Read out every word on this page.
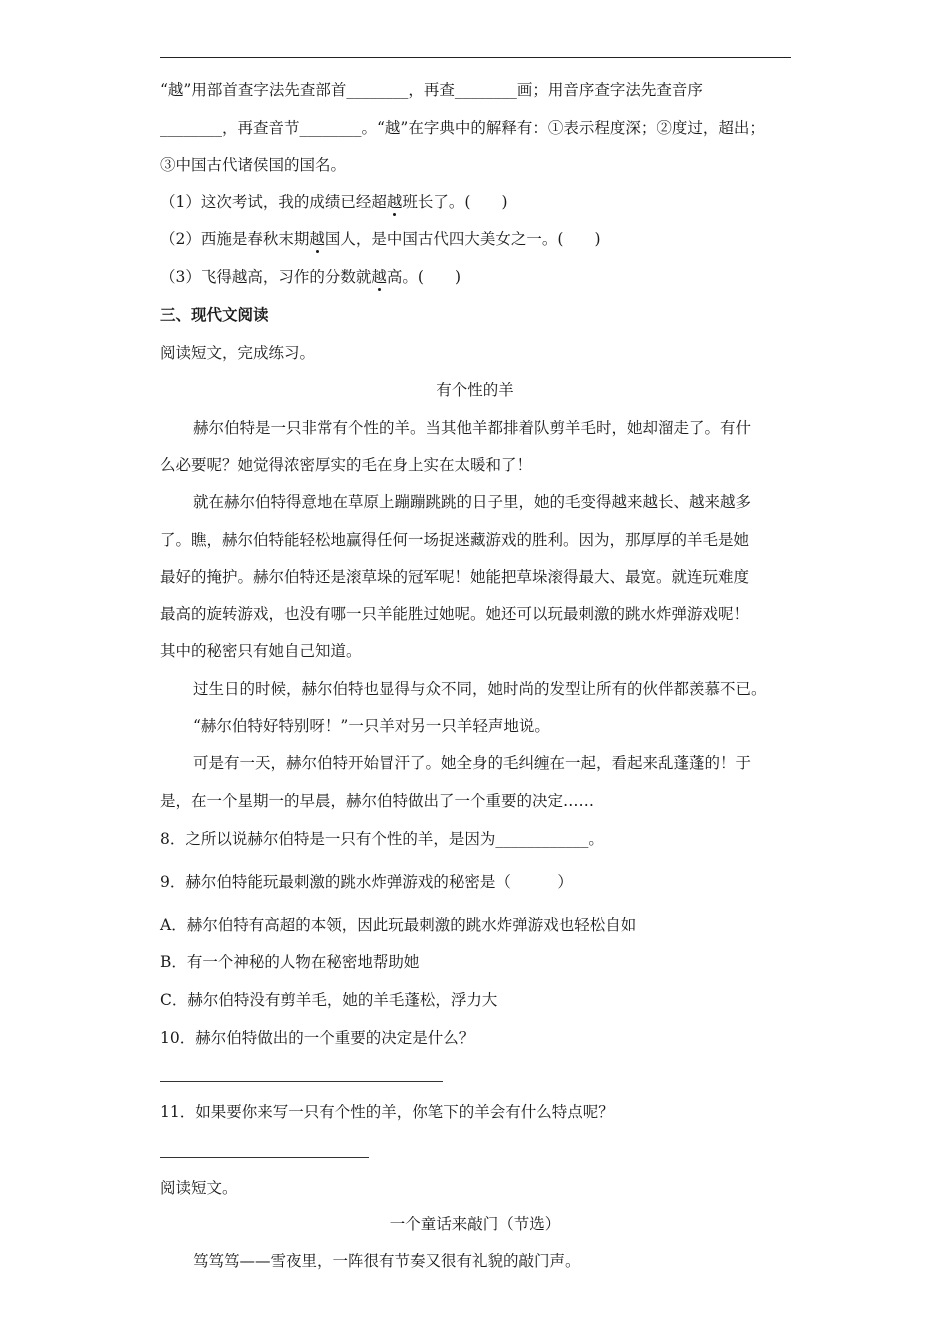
“越”用部首查字法先查部首________，再查________画；用音序查字法先查音序
________，再查音节________。“越”在字典中的解释有：①表示程度深；②度过，超出；
③中国古代诸侯国的国名。
（1）这次考试，我的成绩已经超越班长了。(　　)
（2）西施是春秋末期越国人，是中国古代四大美女之一。(　　)
（3）飞得越高，习作的分数就越高。(　　)
三、现代文阅读
阅读短文，完成练习。
有个性的羊
赫尔伯特是一只非常有个性的羊。当其他羊都排着队剪羊毛时，她却溜走了。有什
么必要呢？她觉得浓密厚实的毛在身上实在太暖和了！
就在赫尔伯特得意地在草原上蹦蹦跳跳的日子里，她的毛变得越来越长、越来越多
了。瞧，赫尔伯特能轻松地赢得任何一场捉迷藏游戏的胜利。因为，那厚厚的羊毛是她
最好的掩护。赫尔伯特还是滚草垛的冠军呢！她能把草垛滚得最大、最宽。就连玩难度
最高的旋转游戏，也没有哪一只羊能胜过她呢。她还可以玩最刺激的跳水炸弹游戏呢！
其中的秘密只有她自己知道。
过生日的时候，赫尔伯特也显得与众不同，她时尚的发型让所有的伙伴都羡慕不已。
“赫尔伯特好特别呀！”一只羊对另一只羊轻声地说。
可是有一天，赫尔伯特开始冒汗了。她全身的毛纠缠在一起，看起来乱蓬蓬的！于
是，在一个星期一的早晨，赫尔伯特做出了一个重要的决定……
8．之所以说赫尔伯特是一只有个性的羊，是因为____________。
9．赫尔伯特能玩最刺激的跳水炸弹游戏的秘密是（　　　）
A．赫尔伯特有高超的本领，因此玩最刺激的跳水炸弹游戏也轻松自如
B．有一个神秘的人物在秘密地帮助她
C．赫尔伯特没有剪羊毛，她的羊毛蓬松，浮力大
10．赫尔伯特做出的一个重要的决定是什么？
11．如果要你来写一只有个性的羊，你笔下的羊会有什么特点呢？
阅读短文。
一个童话来敲门（节选）
笃笃笃——雪夜里，一阵很有节奏又很有礼貌的敲门声。
